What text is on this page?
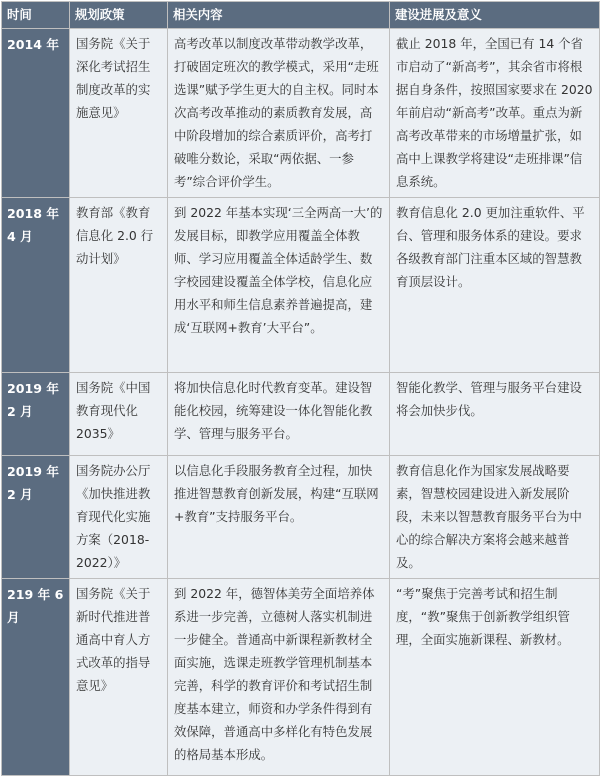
时间	规划政策	相关内容	建设进展及意义
2014 年	国务院《关于深化考试招生制度改革的实施意见》	高考改革以制度改革带动教学改革，打破固定班次的教学模式，采用“走班选课”赋予学生更大的自主权。同时本次高考改革推动的素质教育发展，高中阶段增加的综合素质评价，高考打破唯分数论，采取“两依据、一参考”综合评价学生。	截止 2018 年，全国已有 14 个省市启动了“新高考”，其余省市将根据自身条件，按照国家要求在 2020 年前启动“新高考”改革。重点为新高考改革带来的市场增量扩张，如高中上课教学将建设“走班排课”信息系统。
2018 年 4 月	教育部《教育信息化 2.0 行动计划》	到 2022 年基本实现‘三全两高一大’的发展目标，即教学应用覆盖全体教师、学习应用覆盖全体适龄学生、数字校园建设覆盖全体学校，信息化应用水平和师生信息素养普遍提高，建成‘互联网+教育’大平台”。	教育信息化 2.0 更加注重软件、平台、管理和服务体系的建设。要求各级教育部门注重本区域的智慧教育顶层设计。
2019 年 2 月	国务院《中国教育现代化 2035》	将加快信息化时代教育变革。建设智能化校园，统筹建设一体化智能化教学、管理与服务平台。	智能化教学、管理与服务平台建设将会加快步伐。
2019 年 2 月	国务院办公厅《加快推进教育现代化实施方案（2018-2022）》	以信息化手段服务教育全过程，加快推进智慧教育创新发展，构建“互联网+教育”支持服务平台。	教育信息化作为国家发展战略要素，智慧校园建设进入新发展阶段，未来以智慧教育服务平台为中心的综合解决方案将会越来越普及。
219 年 6 月	国务院《关于新时代推进普通高中育人方式改革的指导意见》	到 2022 年，德智体美劳全面培养体系进一步完善，立德树人落实机制进一步健全。普通高中新课程新教材全面实施，选课走班教学管理机制基本完善，科学的教育评价和考试招生制度基本建立，师资和办学条件得到有效保障，普通高中多样化有特色发展的格局基本形成。	“考”聚焦于完善考试和招生制度，“教”聚焦于创新教学组织管理，全面实施新课程、新教材。
